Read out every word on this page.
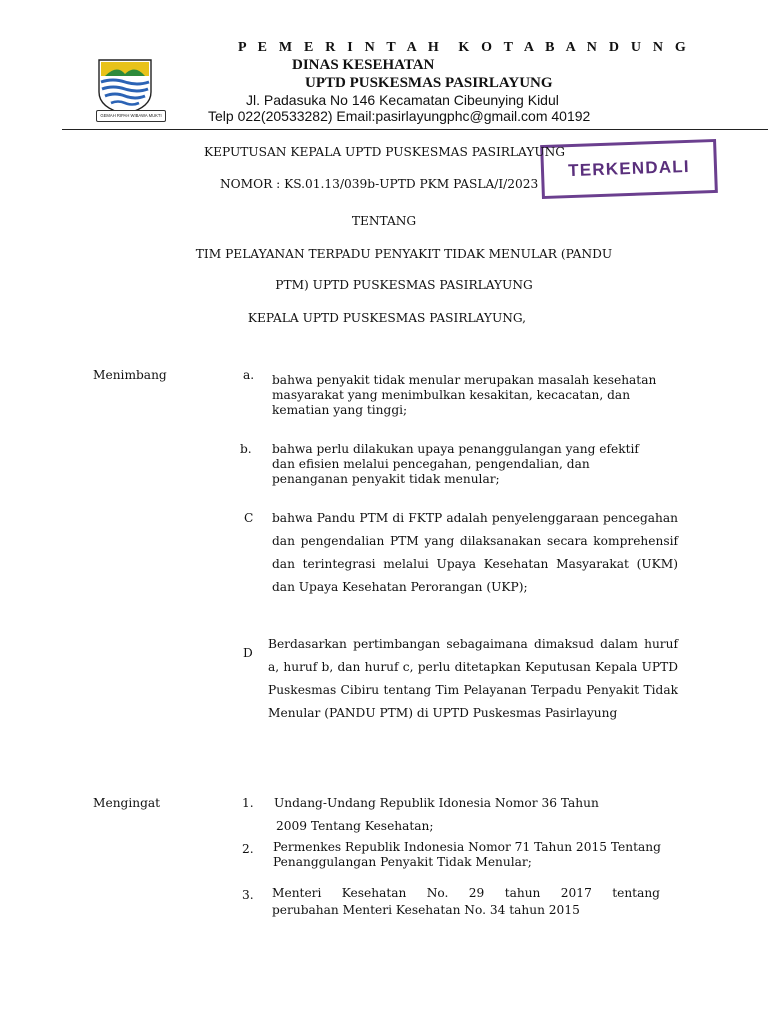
GEMAH RIPAH WIBAWA MUKTI
P E M E R I N T A H  K O T A B A N D U N G
DINAS KESEHATAN
UPTD PUSKESMAS PASIRLAYUNG
Jl. Padasuka No 146 Kecamatan Cibeunying Kidul
Telp 022(20533282) Email:pasirlayungphc@gmail.com 40192
TERKENDALI
KEPUTUSAN KEPALA UPTD PUSKESMAS PASIRLAYUNG
NOMOR : KS.01.13/039b-UPTD PKM PASLA/I/2023
TENTANG
TIM PELAYANAN TERPADU PENYAKIT TIDAK MENULAR (PANDU
PTM) UPTD PUSKESMAS PASIRLAYUNG
KEPALA UPTD PUSKESMAS PASIRLAYUNG,
Menimbang	a. bahwa penyakit tidak menular merupakan masalah kesehatan masyarakat yang menimbulkan kesakitan, kecacatan, dan kematian yang tinggi;
b. bahwa perlu dilakukan upaya penanggulangan yang efektif dan efisien melalui pencegahan, pengendalian, dan penanganan penyakit tidak menular;
C bahwa Pandu PTM di FKTP adalah penyelenggaraan pencegahan dan pengendalian PTM yang dilaksanakan secara komprehensif dan terintegrasi melalui Upaya Kesehatan Masyarakat (UKM) dan Upaya Kesehatan Perorangan (UKP);
D
Berdasarkan pertimbangan sebagaimana dimaksud dalam huruf a, huruf b, dan huruf c, perlu ditetapkan Keputusan Kepala UPTD Puskesmas Cibiru tentang Tim Pelayanan Terpadu Penyakit Tidak Menular (PANDU PTM) di UPTD Puskesmas Pasirlayung
Mengingat	1. Undang-Undang Republik Idonesia Nomor 36 Tahun
2009 Tentang Kesehatan;
2. Permenkes Republik Indonesia Nomor 71 Tahun 2015 Tentang
Penanggulangan Penyakit Tidak Menular;
3. Menteri Kesehatan No. 29 tahun 2017 tentang
perubahan Menteri Kesehatan No. 34 tahun 2015
